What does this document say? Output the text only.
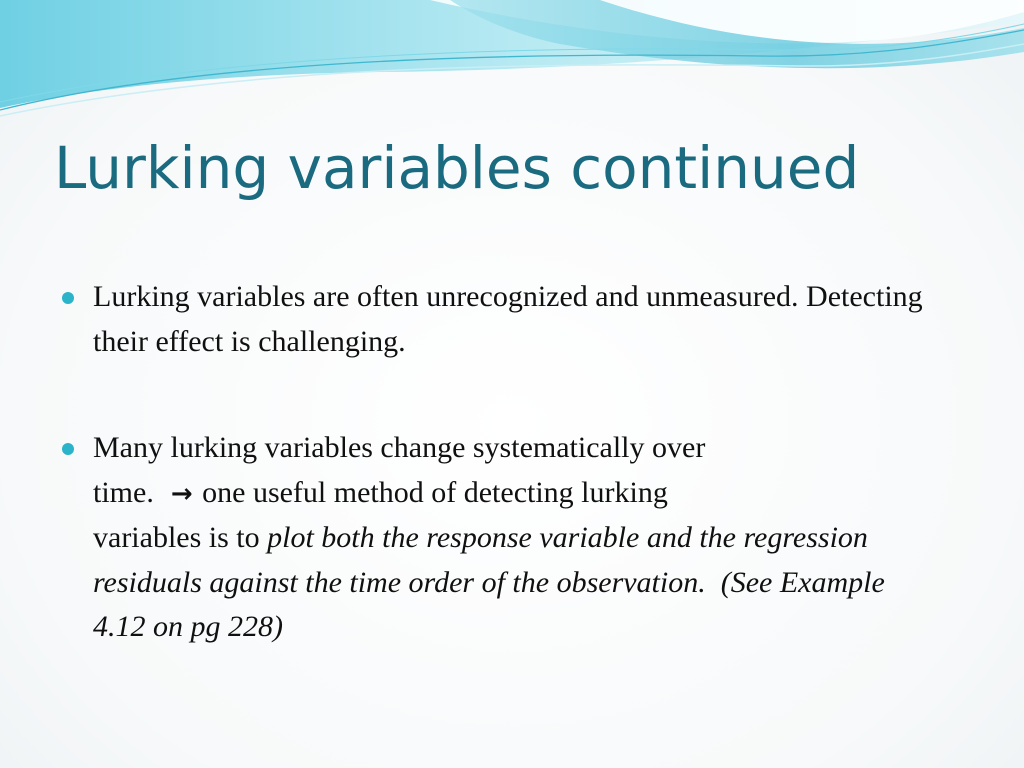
Lurking variables continued
Lurking variables are often unrecognized and unmeasured. Detecting their effect is challenging.
Many lurking variables change systematically over
time.  → one useful method of detecting lurking
variables is to plot both the response variable and the regression residuals against the time order of the observation.  (See Example 4.12 on pg 228)
